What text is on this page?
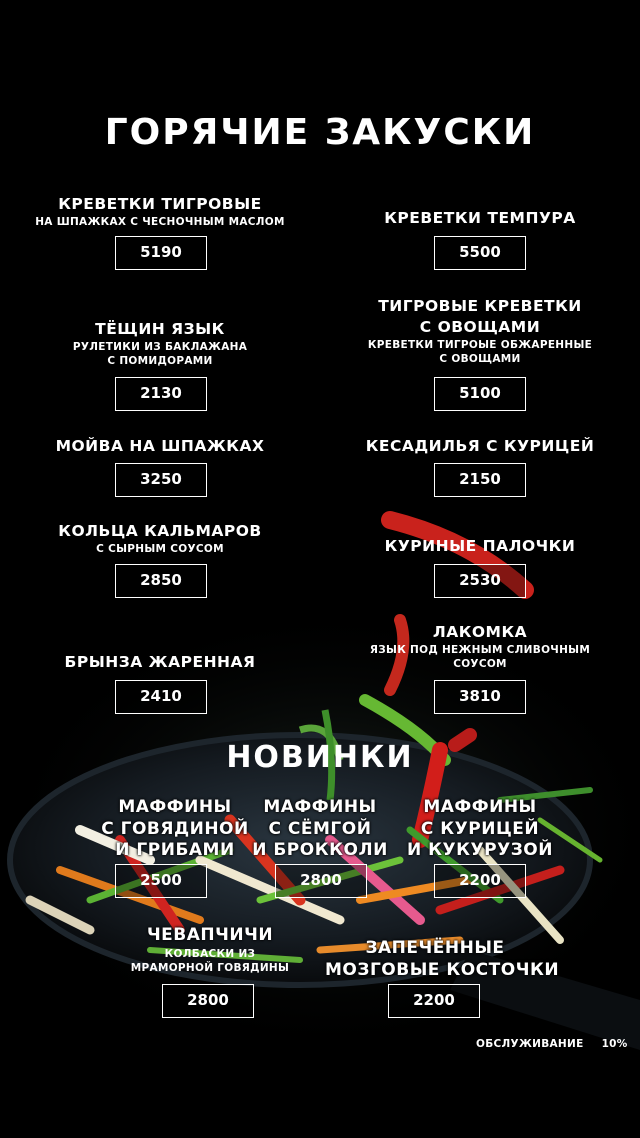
ГОРЯЧИЕ ЗАКУСКИ
КРЕВЕТКИ ТИГРОВЫЕ
НА ШПАЖКАХ С ЧЕСНОЧНЫМ МАСЛОМ
5190
КРЕВЕТКИ ТЕМПУРА
5500
ТЁЩИН ЯЗЫК
РУЛЕТИКИ ИЗ БАКЛАЖАНА
С ПОМИДОРАМИ
2130
ТИГРОВЫЕ КРЕВЕТКИ
С ОВОЩАМИ
КРЕВЕТКИ ТИГРОЫЕ ОБЖАРЕННЫЕ
С ОВОЩАМИ
5100
МОЙВА НА ШПАЖКАХ
3250
КЕСАДИЛЬЯ С КУРИЦЕЙ
2150
КОЛЬЦА КАЛЬМАРОВ
С СЫРНЫМ СОУСОМ
2850
КУРИНЫЕ ПАЛОЧКИ
2530
БРЫНЗА ЖАРЕННАЯ
2410
ЛАКОМКА
ЯЗЫК ПОД НЕЖНЫМ СЛИВОЧНЫМ
СОУСОМ
3810
НОВИНКИ
МАФФИНЫ
С ГОВЯДИНОЙ
И ГРИБАМИ
2500
МАФФИНЫ
С СЁМГОЙ
И БРОККОЛИ
2800
МАФФИНЫ
С КУРИЦЕЙ
И КУКУРУЗОЙ
2200
ЧЕВАПЧИЧИ
КОЛБАСКИ ИЗ
МРАМОРНОЙ ГОВЯДИНЫ
2800
ЗАПЕЧЁННЫЕ
МОЗГОВЫЕ КОСТОЧКИ
2200
ОБСЛУЖИВАНИЕ 10%
